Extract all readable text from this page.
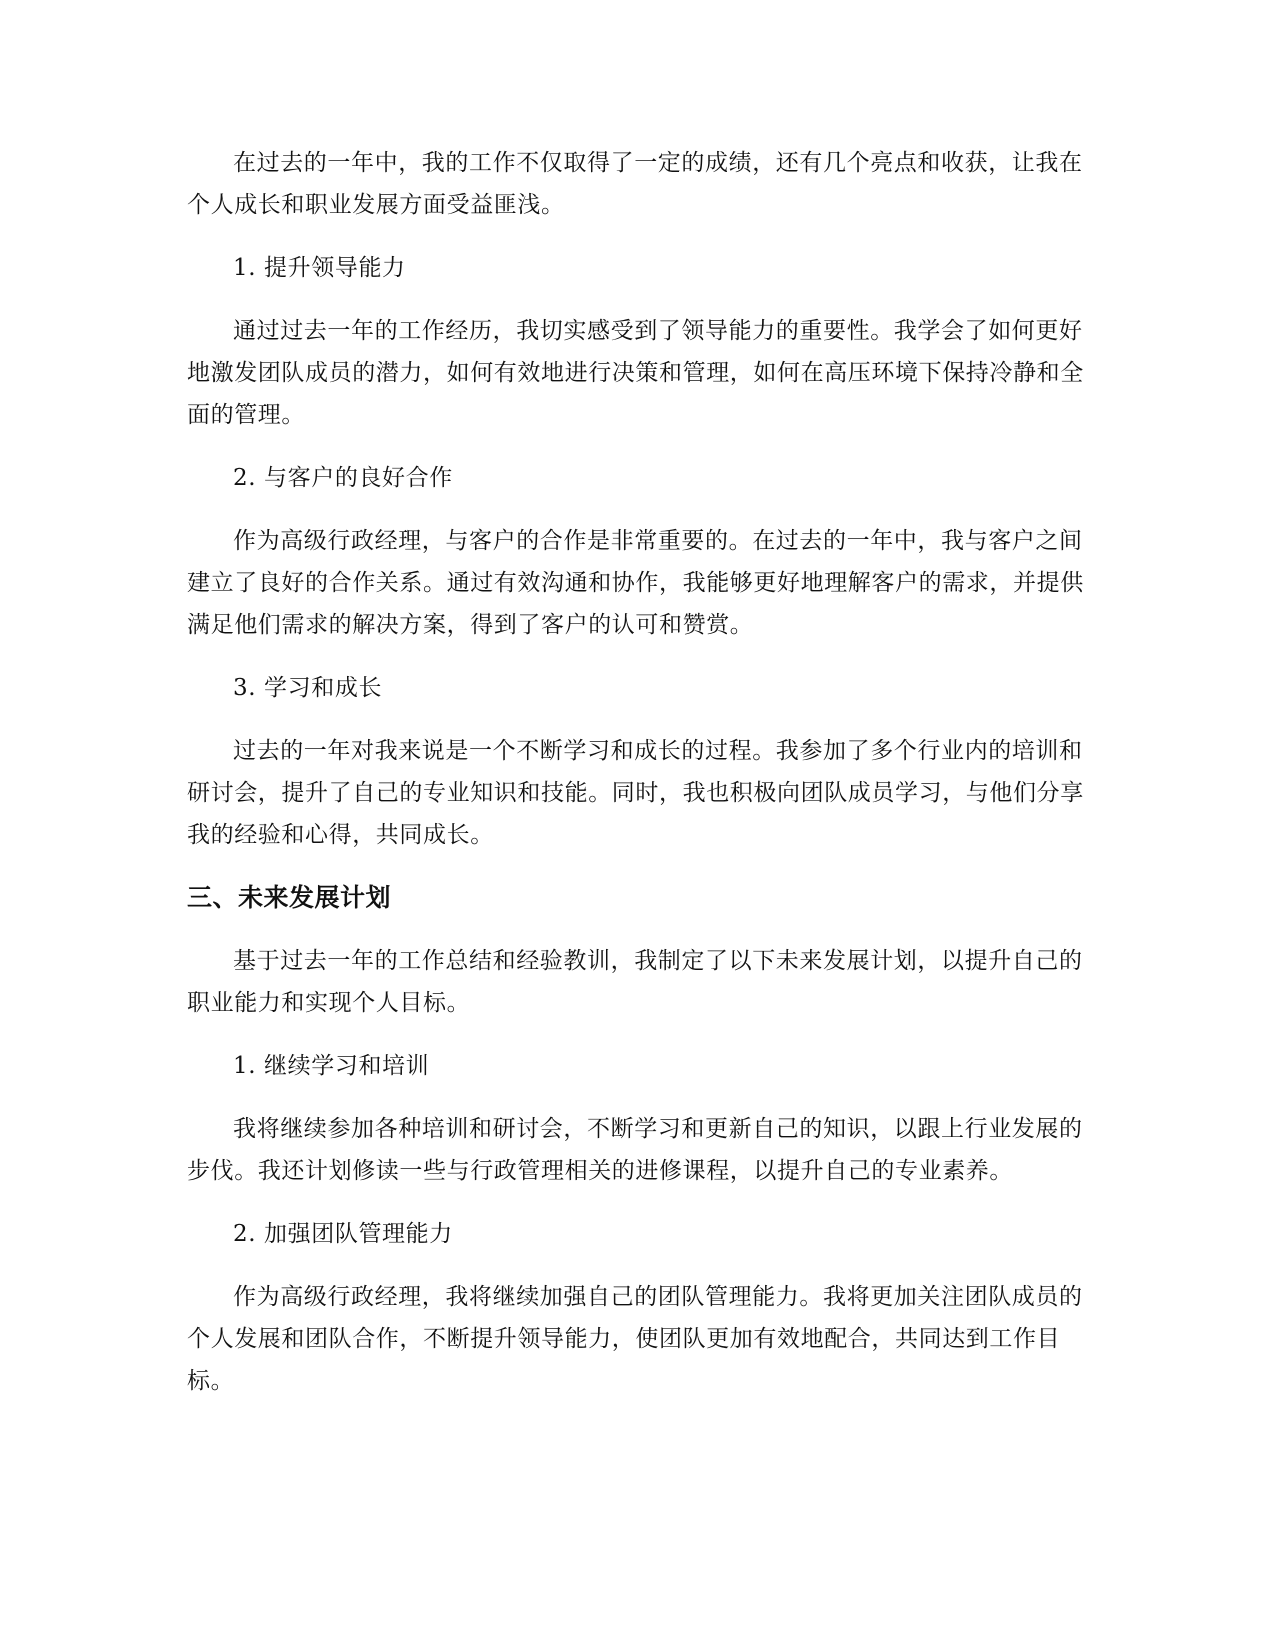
在过去的一年中，我的工作不仅取得了一定的成绩，还有几个亮点和收获，让我在个人成长和职业发展方面受益匪浅。

1. 提升领导能力

通过过去一年的工作经历，我切实感受到了领导能力的重要性。我学会了如何更好地激发团队成员的潜力，如何有效地进行决策和管理，如何在高压环境下保持冷静和全面的管理。

2. 与客户的良好合作

作为高级行政经理，与客户的合作是非常重要的。在过去的一年中，我与客户之间建立了良好的合作关系。通过有效沟通和协作，我能够更好地理解客户的需求，并提供满足他们需求的解决方案，得到了客户的认可和赞赏。

3. 学习和成长

过去的一年对我来说是一个不断学习和成长的过程。我参加了多个行业内的培训和研讨会，提升了自己的专业知识和技能。同时，我也积极向团队成员学习，与他们分享我的经验和心得，共同成长。

三、未来发展计划

基于过去一年的工作总结和经验教训，我制定了以下未来发展计划，以提升自己的职业能力和实现个人目标。

1. 继续学习和培训

我将继续参加各种培训和研讨会，不断学习和更新自己的知识，以跟上行业发展的步伐。我还计划修读一些与行政管理相关的进修课程，以提升自己的专业素养。

2. 加强团队管理能力

作为高级行政经理，我将继续加强自己的团队管理能力。我将更加关注团队成员的个人发展和团队合作，不断提升领导能力，使团队更加有效地配合，共同达到工作目标。
